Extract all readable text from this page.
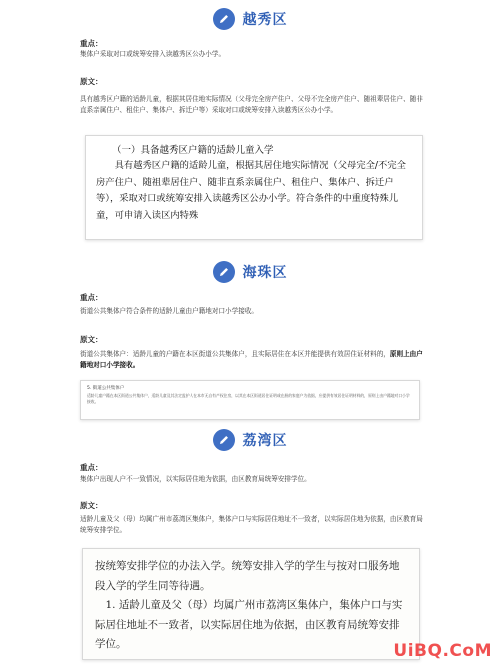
越秀区
重点：
集体户采取对口或统筹安排入读越秀区公办小学。
原文：
具有越秀区户籍的适龄儿童，根据其居住地实际情况（父母完全房产住户、父母不完全房产住户、随祖辈居住户、随非直系亲属住户、租住户、集体户、拆迁户等）采取对口或统筹安排入读越秀区公办小学。
（一）具备越秀区户籍的适龄儿童入学
具有越秀区户籍的适龄儿童，根据其居住地实际情况（父母完全/不完全房产住户、随祖辈居住户、随非直系亲属住户、租住户、集体户、拆迁户等），采取对口或统筹安排入读越秀区公办小学。符合条件的中重度特殊儿童，可申请入读区内特殊
海珠区
重点：
街道公共集体户符合条件的适龄儿童由户籍地对口小学接收。
原文：
街道公共集体户：适龄儿童的户籍在本区街道公共集体户，且实际居住在本区并能提供有效居住证材料的，原则上由户籍地对口小学接收。
5. 街道公共集体户
适龄儿童户籍在本区街道公共集体户，适龄儿童及其法定监护人在本市无自有产权住房，以其在本区街道居住证明或在册的家庭户为依据，应提供有效居住证明材料的，原则上由户籍地对口小学接收。
荔湾区
重点：
集体户出现人户不一致情况，以实际居住地为依据，由区教育局统筹安排学位。
原文：
适龄儿童及父（母）均属广州市荔湾区集体户，集体户口与实际居住地址不一致者，以实际居住地为依据，由区教育局统筹安排学位。
按统筹安排学位的办法入学。统筹安排入学的学生与按对口服务地段入学的学生同等待遇。
　1. 适龄儿童及父（母）均属广州市荔湾区集体户，集体户口与实际居住地址不一致者，以实际居住地为依据，由区教育局统筹安排学位。	UiBQ.CoM
